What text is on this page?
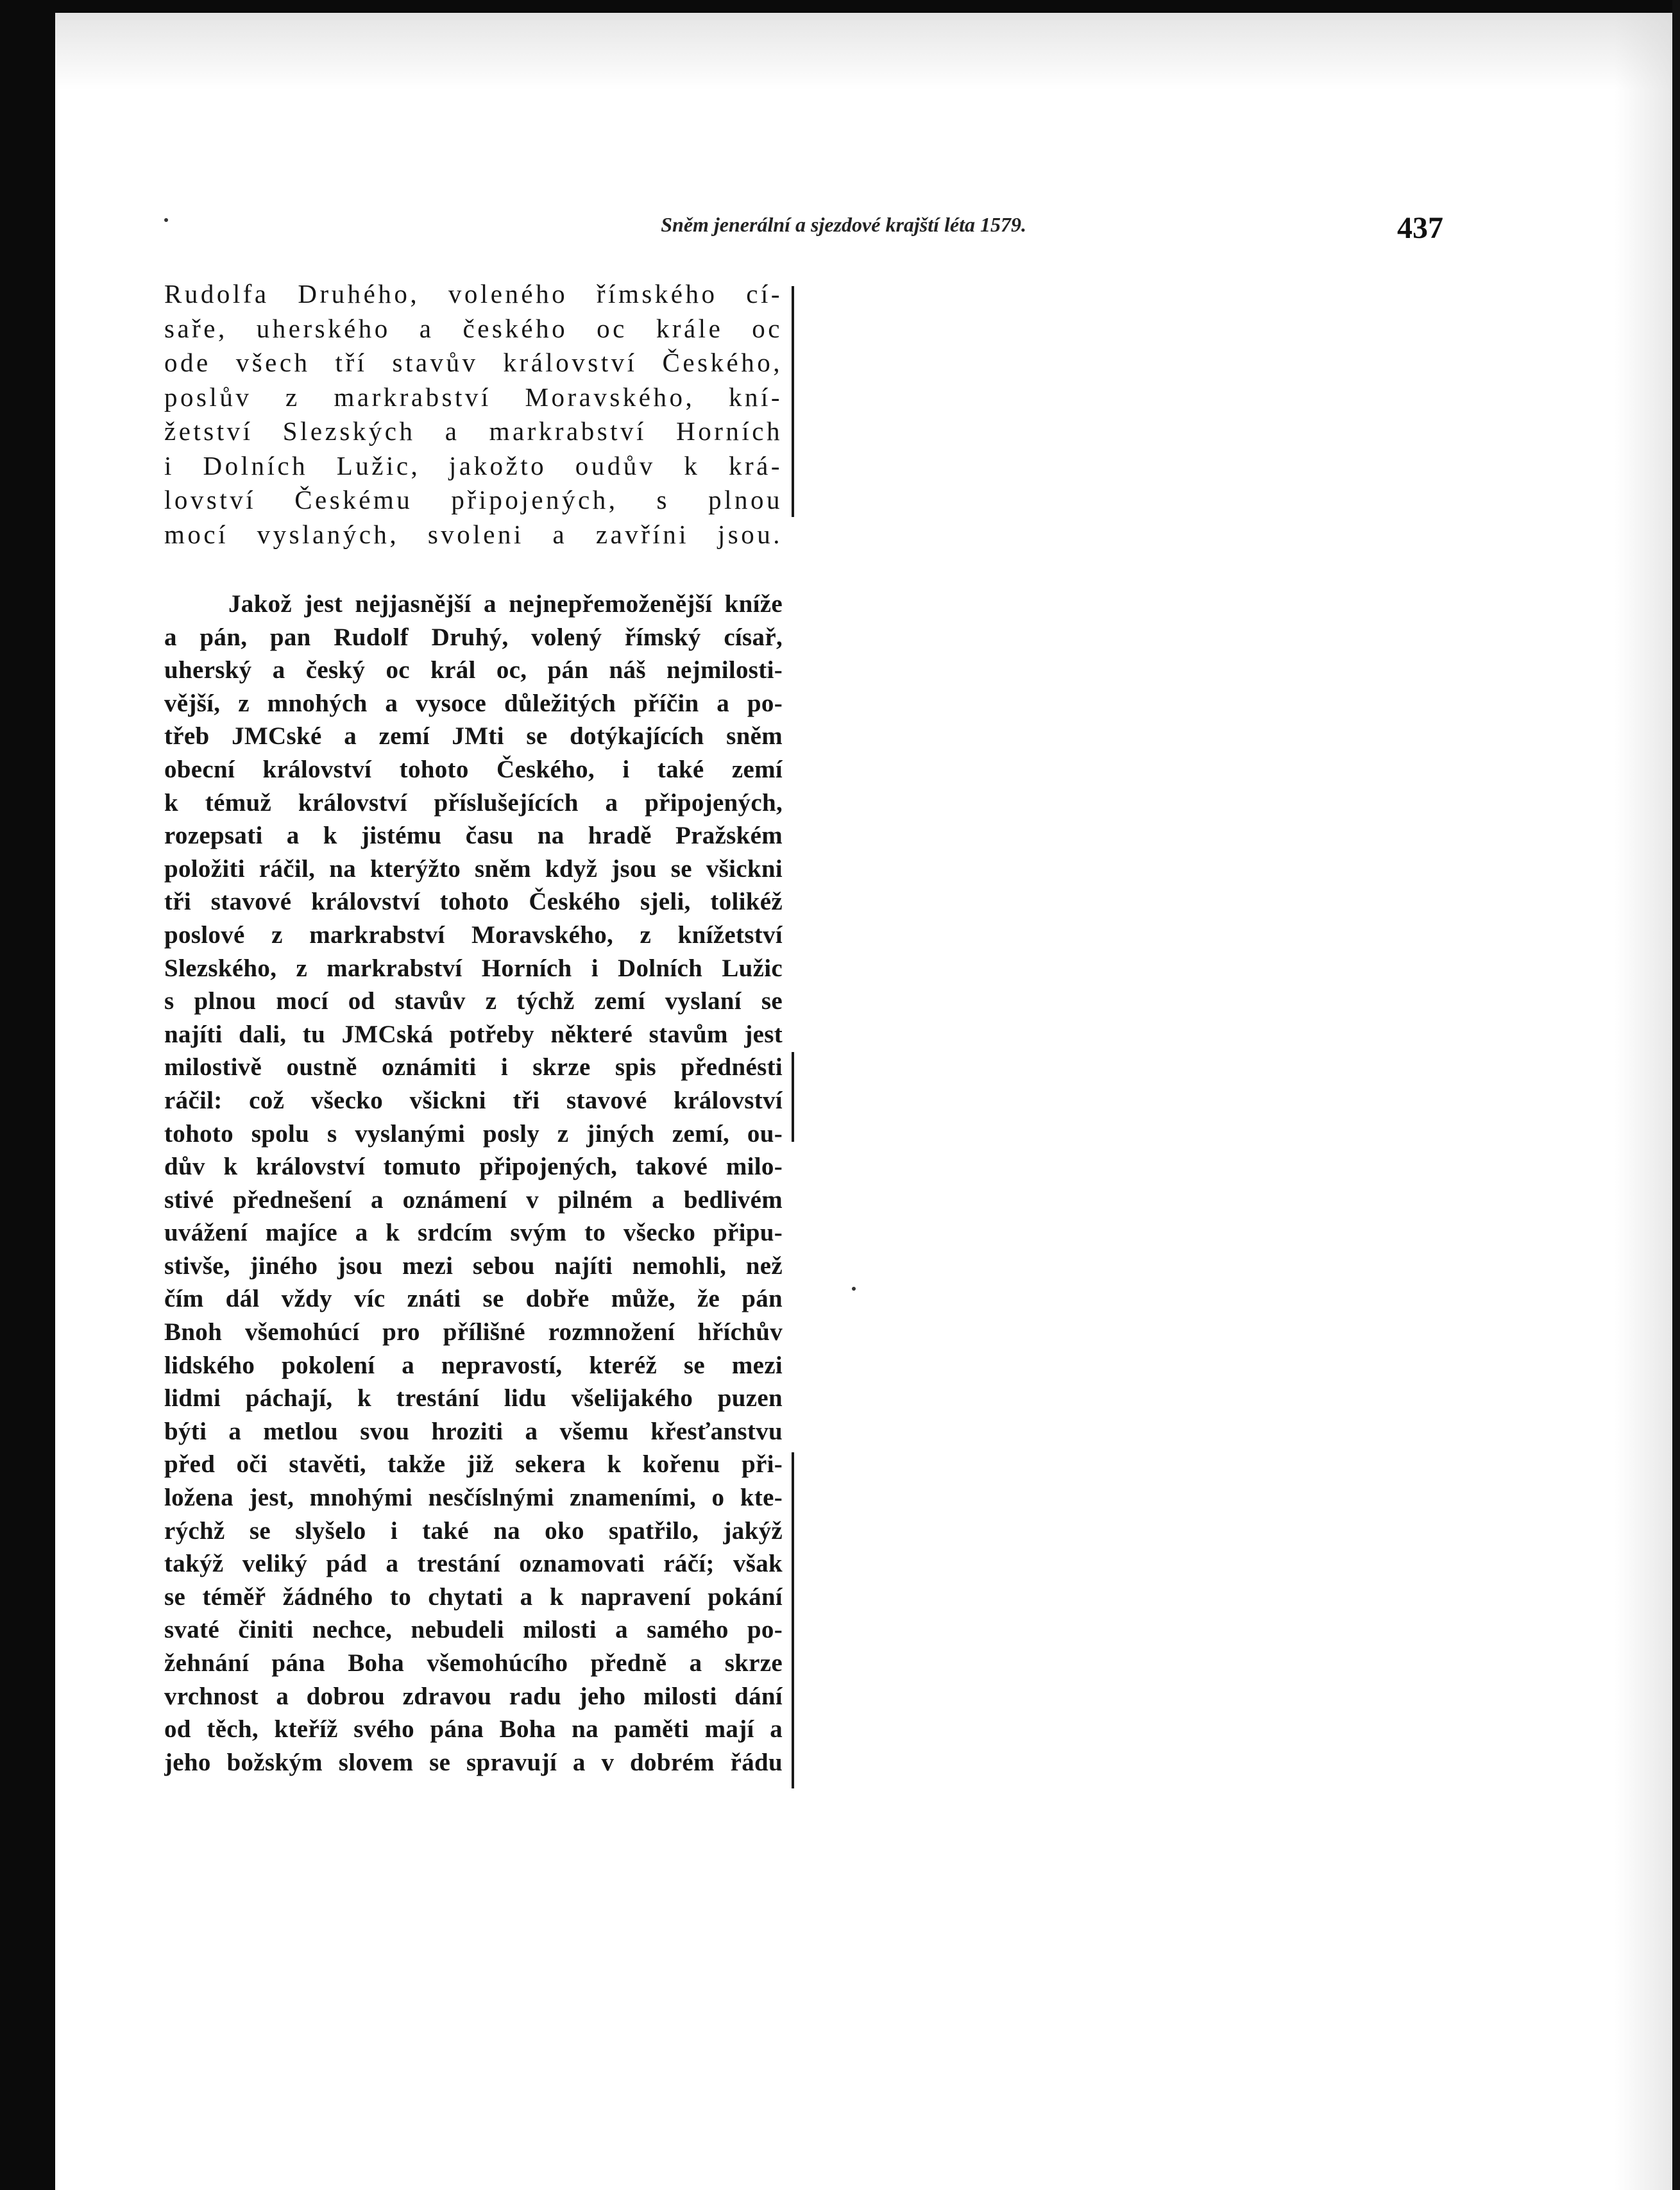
Sněm jenerální a sjezdové krajští léta 1579.	437
Rudolfa Druhého, voleného římského cí-
saře, uherského a českého oc krále oc
ode všech tří stavův království Českého,
poslův z markrabství Moravského, kní-
žetství Slezských a markrabství Horních
i Dolních Lužic, jakožto oudův k krá-
lovství Českému připojených, s plnou
mocí vyslaných, svoleni a zavříni jsou.
Jakož jest nejjasnější a nejnepřemoženější kníže
a pán, pan Rudolf Druhý, volený římský císař,
uherský a český oc král oc, pán náš nejmilosti-
vější, z mnohých a vysoce důležitých příčin a po-
třeb JMCské a zemí JMti se dotýkajících sněm
obecní království tohoto Českého, i také zemí
k témuž království příslušejících a připojených,
rozepsati a k jistému času na hradě Pražském
položiti ráčil, na kterýžto sněm když jsou se všickni
tři stavové království tohoto Českého sjeli, tolikéž
poslové z markrabství Moravského, z knížetství
Slezského, z markrabství Horních i Dolních Lužic
s plnou mocí od stavův z týchž zemí vyslaní se
najíti dali, tu JMCská potřeby některé stavům jest
milostivě oustně oznámiti i skrze spis přednésti
ráčil: což všecko všickni tři stavové království
tohoto spolu s vyslanými posly z jiných zemí, ou-
dův k království tomuto připojených, takové milo-
stivé přednešení a oznámení v pilném a bedlivém
uvážení majíce a k srdcím svým to všecko připu-
stivše, jiného jsou mezi sebou najíti nemohli, než
čím dál vždy víc znáti se dobře může, že pán
Bnoh všemohúcí pro přílišné rozmnožení hříchův
lidského pokolení a nepravostí, kteréž se mezi
lidmi páchají, k trestání lidu všelijakého puzen
býti a metlou svou hroziti a všemu křesťanstvu
před oči stavěti, takže již sekera k kořenu při-
ložena jest, mnohými nesčíslnými znameními, o kte-
rýchž se slyšelo i také na oko spatřilo, jakýž
takýž veliký pád a trestání oznamovati ráčí; však
se téměř žádného to chytati a k napravení pokání
svaté činiti nechce, nebudeli milosti a samého po-
žehnání pána Boha všemohúcího předně a skrze
vrchnost a dobrou zdravou radu jeho milosti dání
od těch, kteříž svého pána Boha na paměti mají a
jeho božským slovem se spravují a v dobrém řádu
